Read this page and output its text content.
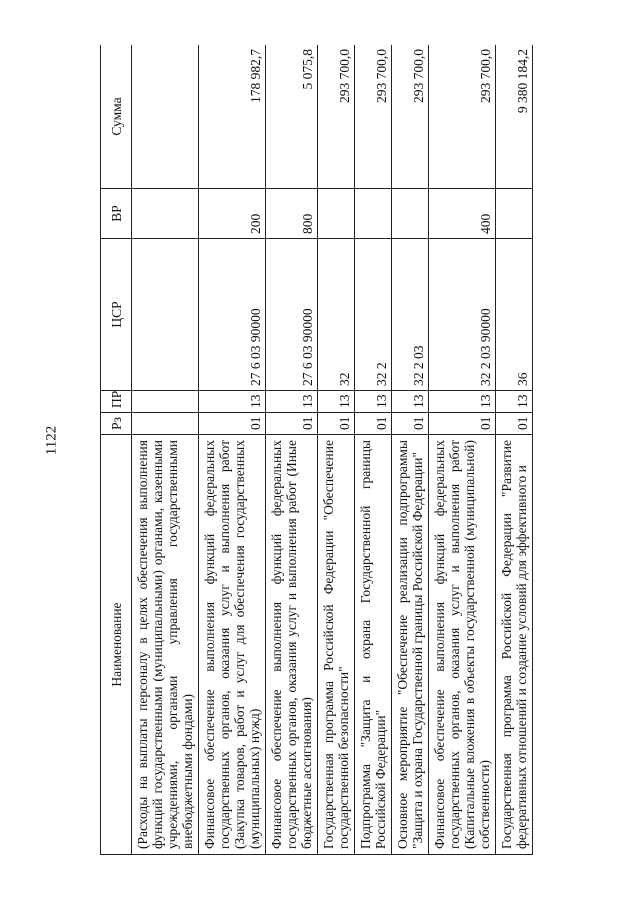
1122
Наименование	Рз	ПР	ЦСР	ВР	Сумма
(Расходы на выплаты персоналу в целях обеспечения выполнения функций государственными (муниципальными) органами, казенными учреждениями, органами управления государственными внебюджетными фондами)					
Финансовое обеспечение выполнения функций федеральных государственных органов, оказания услуг и выполнения работ (Закупка товаров, работ и услуг для обеспечения государственных (муниципальных) нужд)	01	13	27 6 03 90000	200	178 982,7
Финансовое обеспечение выполнения функций федеральных государственных органов, оказания услуг и выполнения работ (Иные бюджетные ассигнования)	01	13	27 6 03 90000	800	5 075,8
Государственная программа Российской Федерации "Обеспечение государственной безопасности"	01	13	32		293 700,0
Подпрограмма "Защита и охрана Государственной границы Российской Федерации"	01	13	32 2		293 700,0
Основное мероприятие "Обеспечение реализации подпрограммы "Защита и охрана Государственной границы Российской Федерации"	01	13	32 2 03		293 700,0
Финансовое обеспечение выполнения функций федеральных государственных органов, оказания услуг и выполнения работ (Капитальные вложения в объекты государственной (муниципальной) собственности)	01	13	32 2 03 90000	400	293 700,0
Государственная программа Российской Федерации "Развитие федеративных отношений и создание условий для эффективного и	01	13	36		9 380 184,2
